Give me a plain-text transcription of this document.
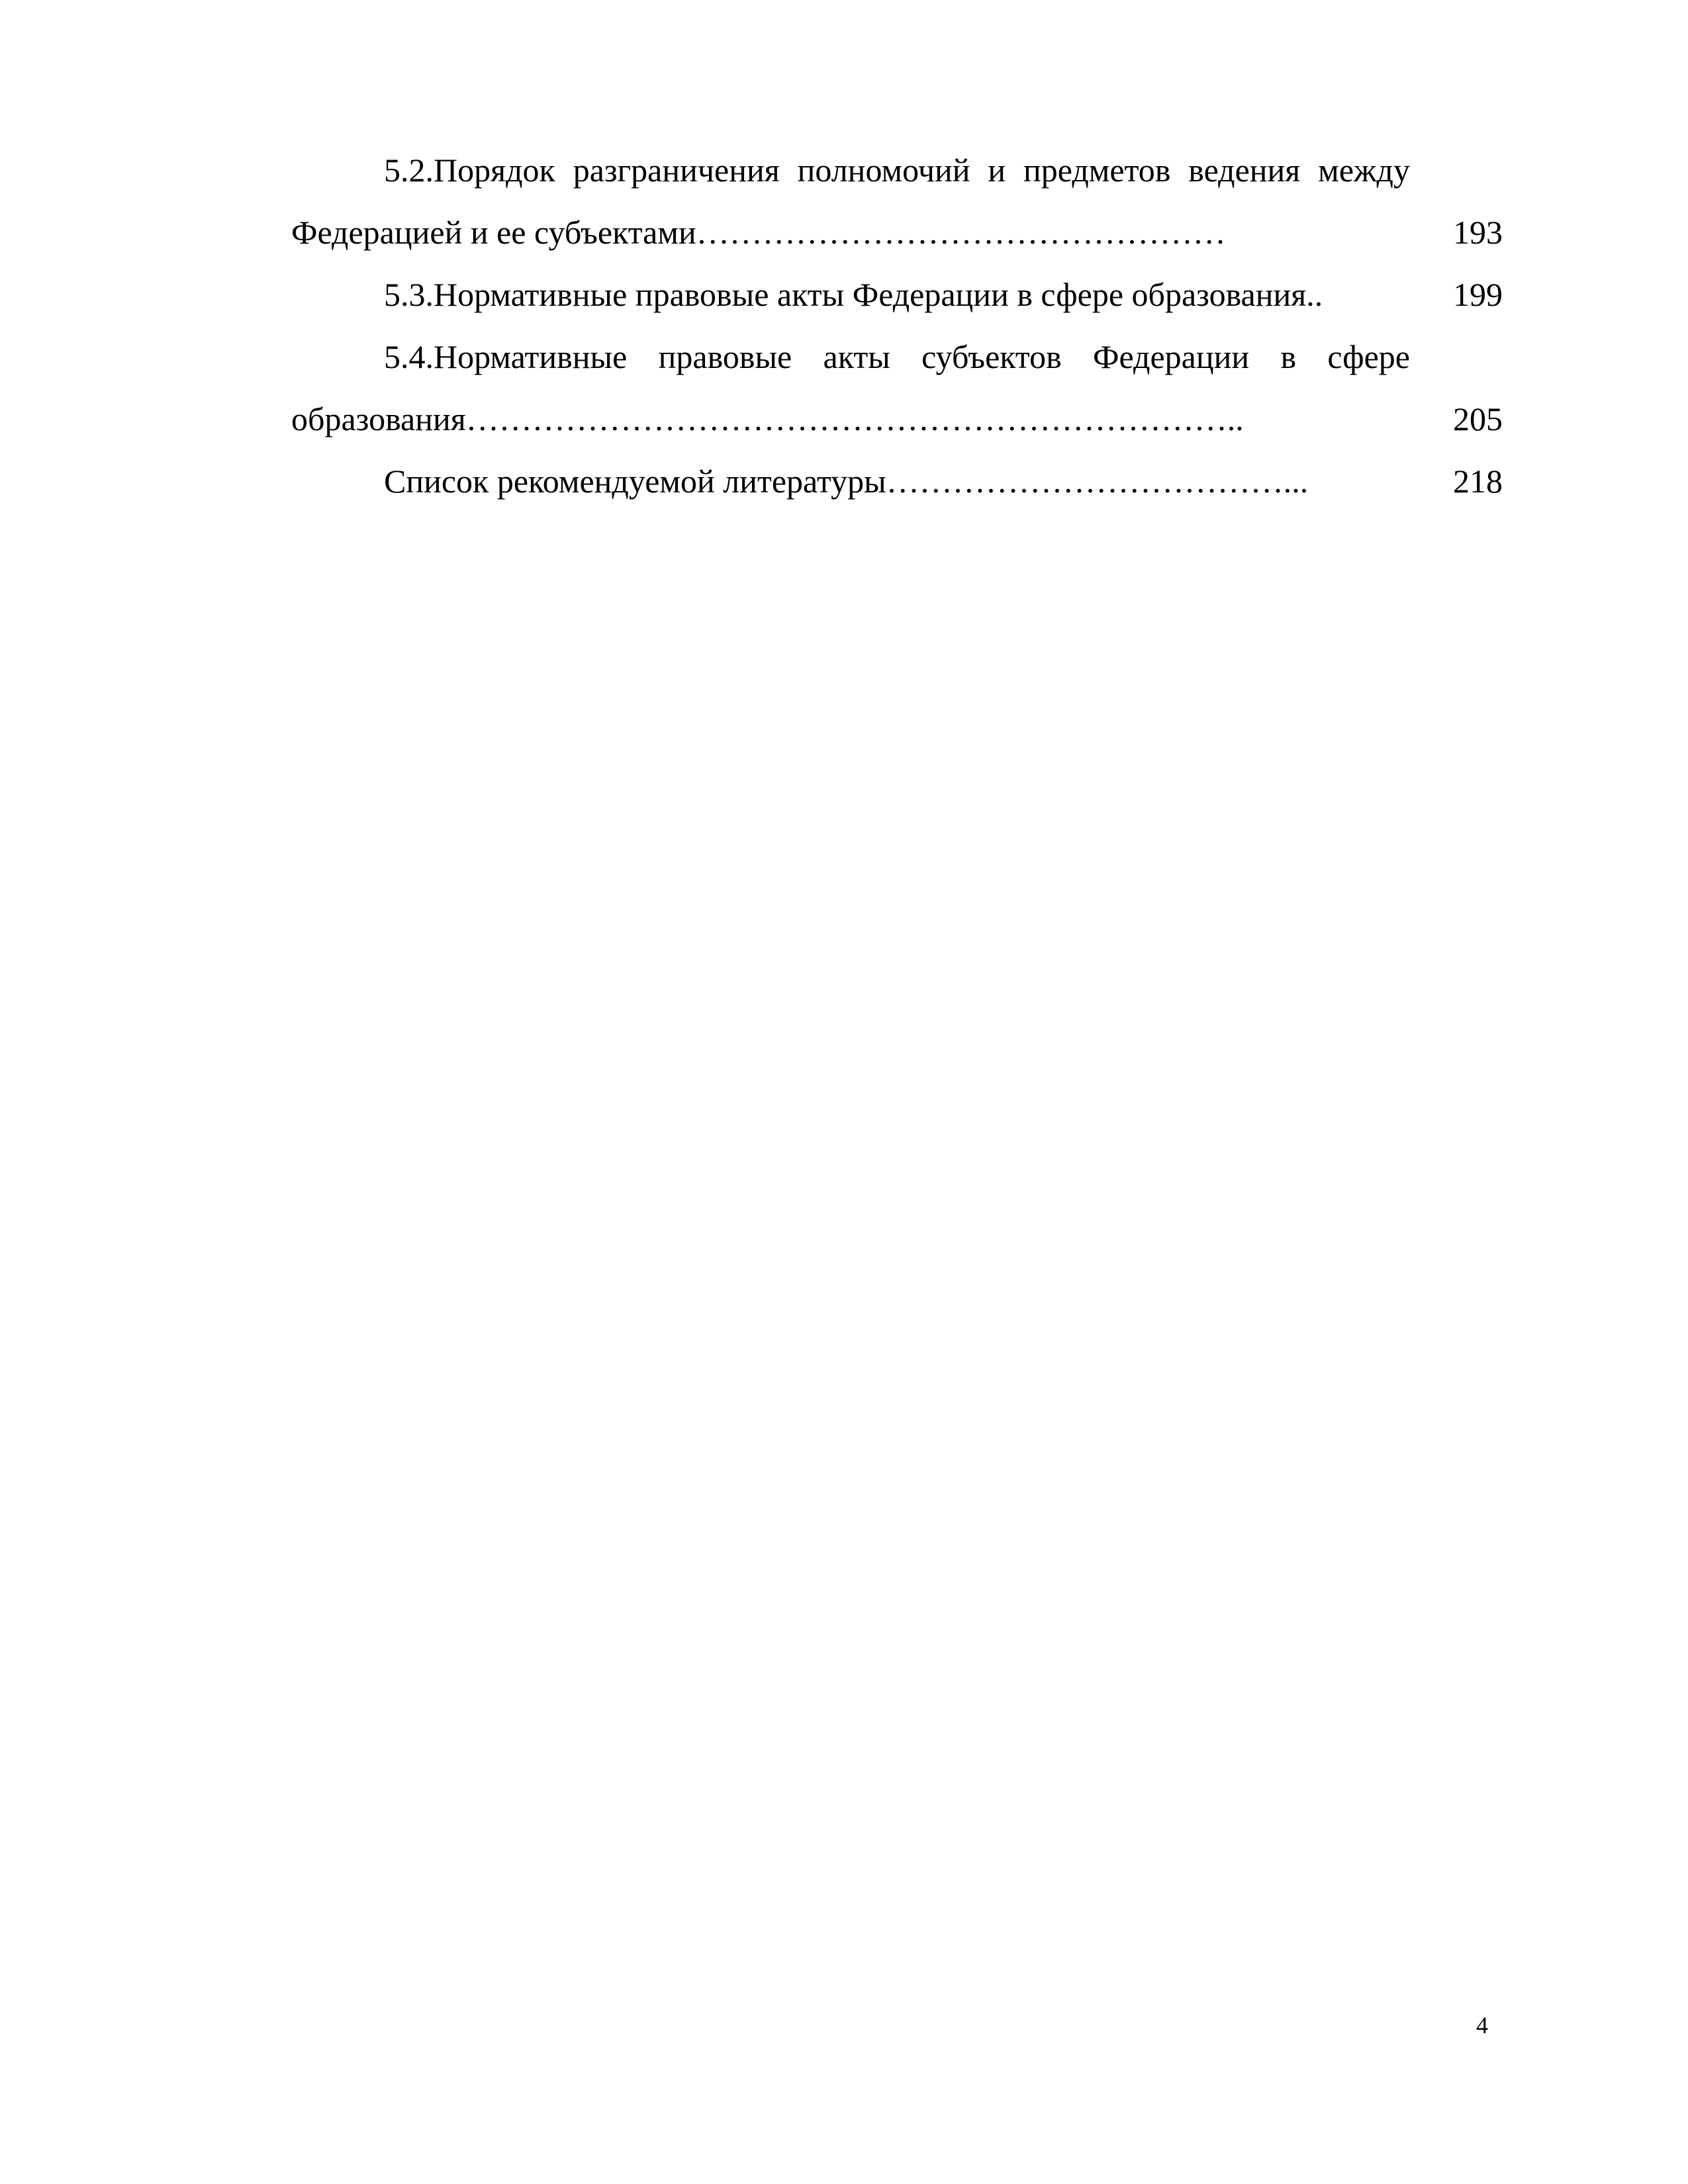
5.2.Порядок разграничения полномочий и предметов ведения между Федерацией и ее субъектами…………………………………………	193
5.3.Нормативные правовые акты Федерации в сфере образования..	199
5.4.Нормативные правовые акты субъектов Федерации в сфере образования……………………………………………………………..	205
Список рекомендуемой литературы………………………………...	218
4
